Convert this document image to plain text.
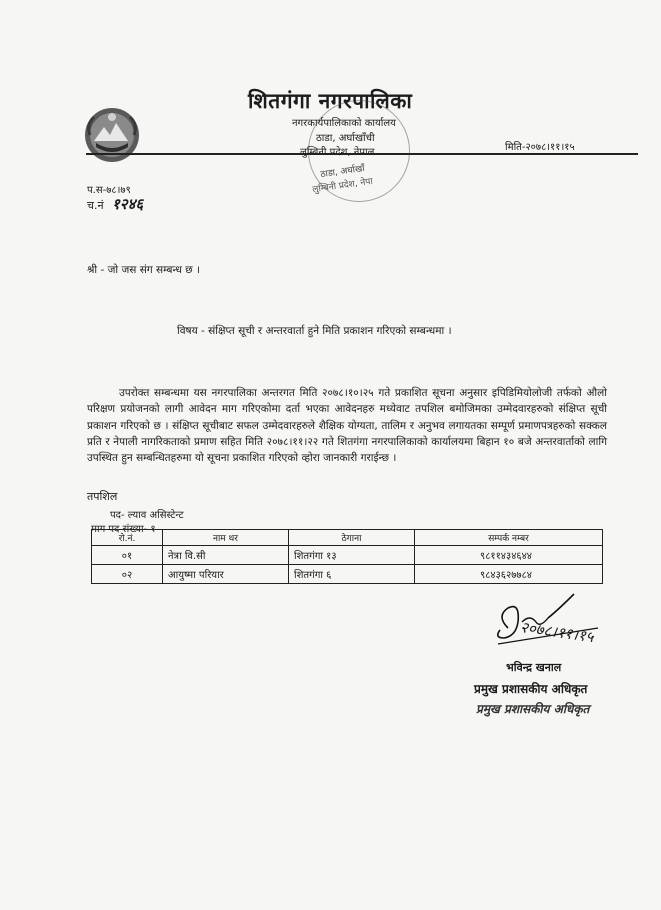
शितगंगा नगरपालिका
नगरकार्यपालिकाको कार्यालय
ठाडा, अर्घाखाँची
मिति-२०७८।११।१५
ठाडा, अर्घाखाँ
लुम्बिनी प्रदेश, नेपा
प.स-७८।७९
च.नं १२४६
श्री - जो जस संग सम्बन्ध छ ।
विषय - संक्षिप्त सूची र अन्तरवार्ता हुने मिति प्रकाशन गरिएको सम्बन्धमा ।
उपरोक्त सम्बन्धमा यस नगरपालिका अन्तरगत मिति २०७८।१०।२५ गते प्रकाशित सूचना अनुसार इपिडिमियोलोजी तर्फको औलो परिक्षण प्रयोजनको लागी आवेदन माग गरिएकोमा दर्ता भएका आवेदनहरु मध्येवाट तपशिल बमोजिमका उम्मेदवारहरुको संक्षिप्त सूची प्रकाशन गरिएको छ । संक्षिप्त सूचीबाट सफल उम्मेदवारहरुले शैक्षिक योग्यता, तालिम र अनुभव लगायतका सम्पूर्ण प्रमाणपत्रहरुको सक्कल प्रति र नेपाली नागरिकताको प्रमाण सहित मिति २०७८।११।२२ गते शितगंगा नगरपालिकाको कार्यालयमा बिहान १० बजे अन्तरवार्ताको लागि उपस्थित हुन सम्बन्धितहरुमा यो सूचना प्रकाशित गरिएको व्होरा जानकारी गराईन्छ ।
तपशिल
पद- ल्याव असिस्टेन्ट
माग पद संख्या- १
रो.नं.	नाम थर	ठेगाना	सम्पर्क नम्बर
०१	नेत्रा वि.सी	शितगंगा १३	९८११४३४६४४
०२	आयुष्मा परियार	शितगंगा ६	९८४३६२७७८४
२०७८।११।१५
भविन्द्र खनाल
प्रमुख प्रशासकीय अधिकृत
प्रमुख प्रशासकीय अधिकृत
